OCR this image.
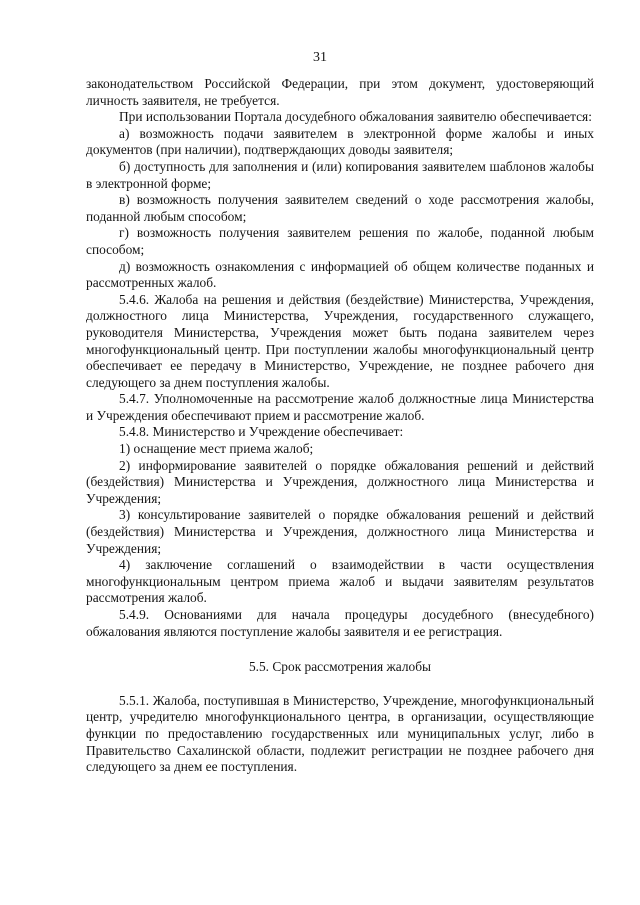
31

законодательством Российской Федерации, при этом документ, удостоверяющий личность заявителя, не требуется.

При использовании Портала досудебного обжалования заявителю обеспечивается:

а) возможность подачи заявителем в электронной форме жалобы и иных документов (при наличии), подтверждающих доводы заявителя;

б) доступность для заполнения и (или) копирования заявителем шаблонов жалобы в электронной форме;

в) возможность получения заявителем сведений о ходе рассмотрения жалобы, поданной любым способом;

г) возможность получения заявителем решения по жалобе, поданной любым способом;

д) возможность ознакомления с информацией об общем количестве поданных и рассмотренных жалоб.

5.4.6. Жалоба на решения и действия (бездействие) Министерства, Учреждения, должностного лица Министерства, Учреждения, государственного служащего, руководителя Министерства, Учреждения может быть подана заявителем через многофункциональный центр. При поступлении жалобы многофункциональный центр обеспечивает ее передачу в Министерство, Учреждение, не позднее рабочего дня следующего за днем поступления жалобы.

5.4.7. Уполномоченные на рассмотрение жалоб должностные лица Министерства и Учреждения обеспечивают прием и рассмотрение жалоб.

5.4.8. Министерство и Учреждение обеспечивает:

1) оснащение мест приема жалоб;

2) информирование заявителей о порядке обжалования решений и действий (бездействия) Министерства и Учреждения, должностного лица Министерства и Учреждения;

3) консультирование заявителей о порядке обжалования решений и действий (бездействия) Министерства и Учреждения, должностного лица Министерства и Учреждения;

4) заключение соглашений о взаимодействии в части осуществления многофункциональным центром приема жалоб и выдачи заявителям результатов рассмотрения жалоб.

5.4.9. Основаниями для начала процедуры досудебного (внесудебного) обжалования являются поступление жалобы заявителя и ее регистрация.

5.5. Срок рассмотрения жалобы

5.5.1. Жалоба, поступившая в Министерство, Учреждение, многофункциональный центр, учредителю многофункционального центра, в организации, осуществляющие функции по предоставлению государственных или муниципальных услуг, либо в Правительство Сахалинской области, подлежит регистрации не позднее рабочего дня следующего за днем ее поступления.
